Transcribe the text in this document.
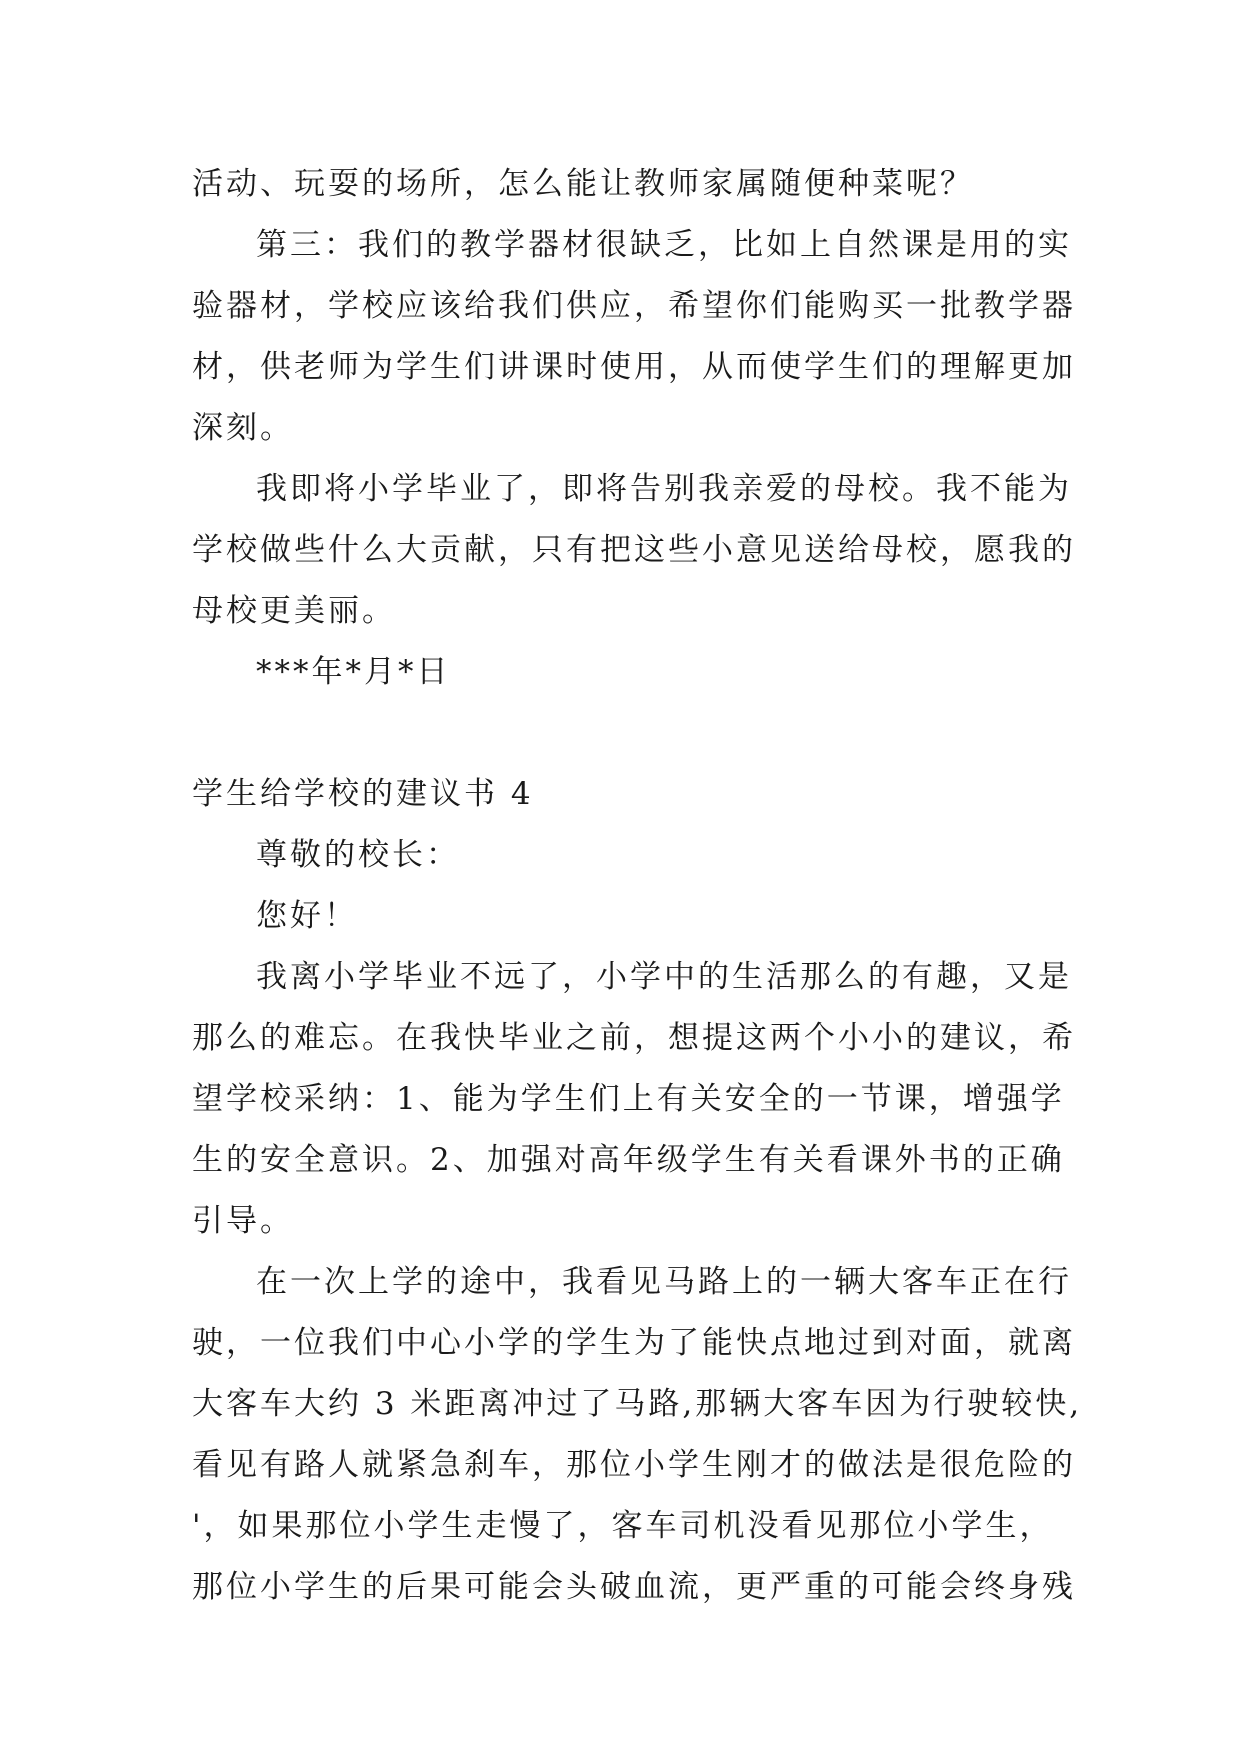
活动、玩耍的场所，怎么能让教师家属随便种菜呢？
第三：我们的教学器材很缺乏，比如上自然课是用的实
验器材，学校应该给我们供应，希望你们能购买一批教学器
材，供老师为学生们讲课时使用，从而使学生们的理解更加
深刻。
我即将小学毕业了，即将告别我亲爱的母校。我不能为
学校做些什么大贡献，只有把这些小意见送给母校，愿我的
母校更美丽。
***年*月*日
学生给学校的建议书 4
尊敬的校长：
您好！
我离小学毕业不远了，小学中的生活那么的有趣，又是
那么的难忘。在我快毕业之前，想提这两个小小的建议，希
望学校采纳：1、能为学生们上有关安全的一节课，增强学
生的安全意识。2、加强对高年级学生有关看课外书的正确
引导。
在一次上学的途中，我看见马路上的一辆大客车正在行
驶，一位我们中心小学的学生为了能快点地过到对面，就离
大客车大约 3 米距离冲过了马路,那辆大客车因为行驶较快,
看见有路人就紧急刹车，那位小学生刚才的做法是很危险的
'，如果那位小学生走慢了，客车司机没看见那位小学生，
那位小学生的后果可能会头破血流，更严重的可能会终身残
